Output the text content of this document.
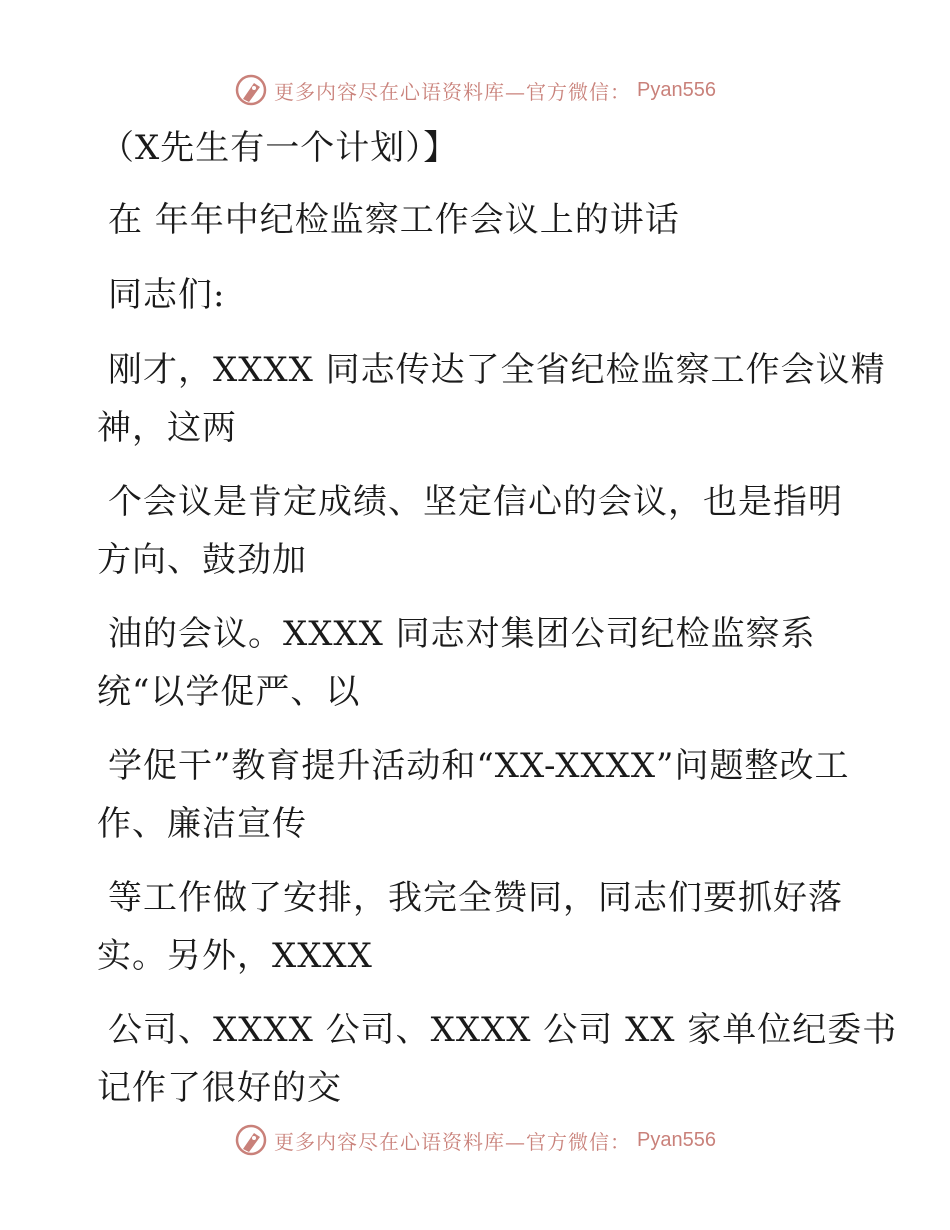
更多内容尽在心语资料库—官方微信： Pyan556
（X先生有一个计划）】
在 年年中纪检监察工作会议上的讲话
同志们:
刚才，XXXX 同志传达了全省纪检监察工作会议精
神，这两
个会议是肯定成绩、坚定信心的会议，也是指明
方向、鼓劲加
油的会议。XXXX 同志对集团公司纪检监察系
统“以学促严、以
学促干”教育提升活动和“XX-XXXX”问题整改工
作、廉洁宣传
等工作做了安排，我完全赞同，同志们要抓好落
实。另外，XXXX
公司、XXXX 公司、XXXX 公司 XX 家单位纪委书
记作了很好的交
更多内容尽在心语资料库—官方微信： Pyan556
